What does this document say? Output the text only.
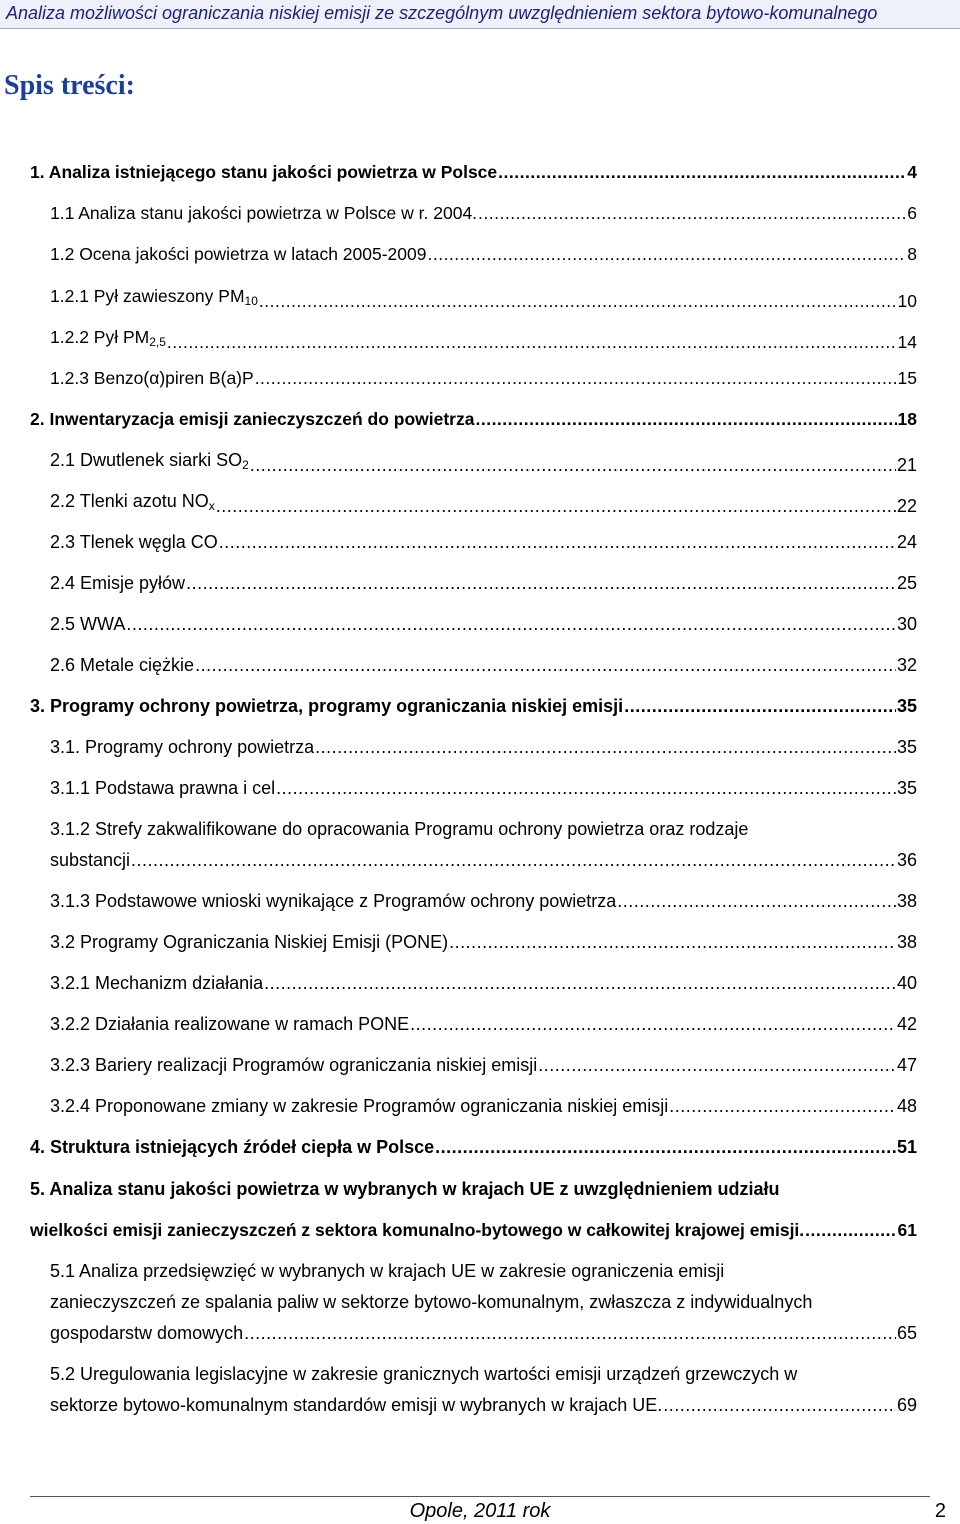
Analiza możliwości ograniczania niskiej emisji ze szczególnym uwzględnieniem sektora bytowo-komunalnego
Spis treści:
1. Analiza istniejącego stanu jakości powietrza w Polsce .....	4
1.1 Analiza stanu jakości powietrza w Polsce w r. 2004. .....	6
1.2 Ocena jakości powietrza w latach 2005-2009 .....	8
1.2.1 Pył zawieszony $PM_{10}$ .....	10
1.2.2 Pył $PM_{2,5}$ .....	14
1.2.3 Benzo(α)piren B(a)P .....	15
2. Inwentaryzacja emisji zanieczyszczeń do powietrza .....	18
2.1 Dwutlenek siarki $SO_2$ .....	21
2.2 Tlenki azotu $NO_x$ .....	22
2.3 Tlenek węgla CO .....	24
2.4 Emisje pyłów .....	25
2.5 WWA .....	30
2.6 Metale ciężkie .....	32
3. Programy ochrony powietrza, programy ograniczania niskiej emisji .....	35
3.1. Programy ochrony powietrza .....	35
3.1.1 Podstawa prawna i cel .....	35
3.1.2 Strefy zakwalifikowane do opracowania Programu ochrony powietrza oraz rodzaje
substancji .....	36
3.1.3 Podstawowe wnioski wynikające z Programów ochrony powietrza .....	38
3.2 Programy Ograniczania Niskiej Emisji (PONE) .....	38
3.2.1 Mechanizm działania .....	40
3.2.2 Działania realizowane w ramach PONE .....	42
3.2.3 Bariery realizacji Programów ograniczania niskiej emisji .....	47
3.2.4 Proponowane zmiany w zakresie Programów ograniczania niskiej emisji .....	48
4. Struktura istniejących źródeł ciepła w Polsce .....	51
5. Analiza stanu jakości powietrza w wybranych w krajach UE z uwzględnieniem udziału
wielkości emisji zanieczyszczeń z sektora komunalno-bytowego w całkowitej krajowej emisji. .....	61
5.1 Analiza przedsięwzięć w wybranych w krajach UE w zakresie ograniczenia emisji
zanieczyszczeń ze spalania paliw w sektorze bytowo-komunalnym, zwłaszcza z indywidualnych
gospodarstw domowych .....	65
5.2 Uregulowania legislacyjne w zakresie granicznych wartości emisji urządzeń grzewczych w
sektorze bytowo-komunalnym standardów emisji w wybranych w krajach UE. .....	69
Opole, 2011 rok	2
